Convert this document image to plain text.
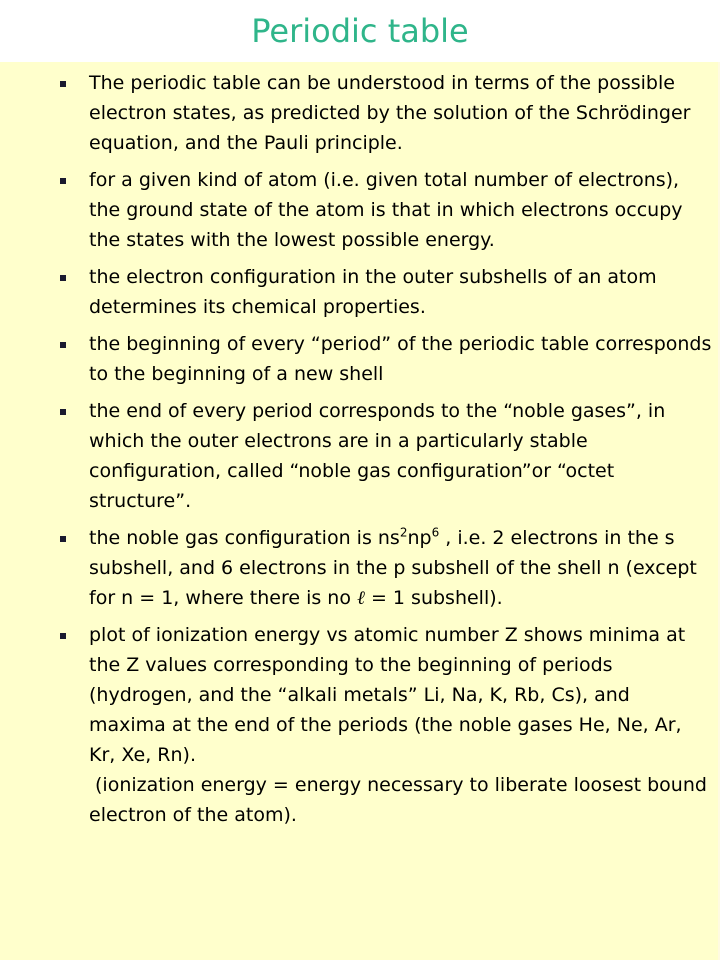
Periodic table
The periodic table can be understood in terms of the possible electron states, as predicted by the solution of the Schrödinger equation, and the Pauli principle.
for a given kind of atom (i.e. given total number of electrons), the ground state of the atom is that in which electrons occupy the states with the lowest possible energy.
the electron configuration in the outer subshells of an atom determines its chemical properties.
the beginning of every “period” of the periodic table corresponds to the beginning of a new shell
the end of every period corresponds to the “noble gases”, in which the outer electrons are in a particularly stable configuration, called “noble gas configuration”or “octet structure”.
the noble gas configuration is $ns^2np^6$ , i.e. 2 electrons in the s subshell, and 6 electrons in the p subshell of the shell n (except for n = 1, where there is no ℓ = 1 subshell).
plot of ionization energy vs atomic number Z shows minima at the Z values corresponding to the beginning of periods (hydrogen, and the “alkali metals” Li, Na, K, Rb, Cs), and maxima at the end of the periods (the noble gases He, Ne, Ar, Kr, Xe, Rn).
(ionization energy = energy necessary to liberate loosest bound electron of the atom).
